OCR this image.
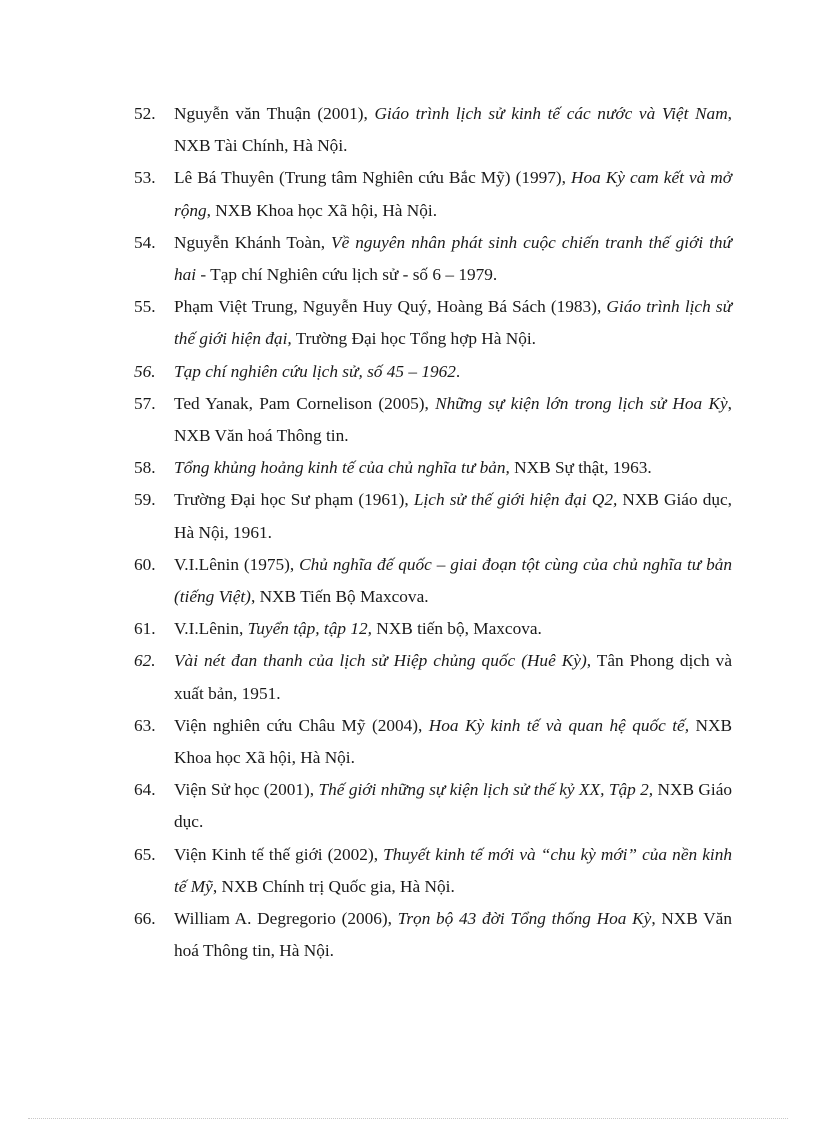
52. Nguyễn văn Thuận (2001), Giáo trình lịch sử kinh tế các nước và Việt Nam, NXB Tài Chính, Hà Nội.
53. Lê Bá Thuyên (Trung tâm Nghiên cứu Bắc Mỹ) (1997), Hoa Kỳ cam kết và mở rộng, NXB Khoa học Xã hội, Hà Nội.
54. Nguyễn Khánh Toàn, Về nguyên nhân phát sinh cuộc chiến tranh thế giới thứ hai - Tạp chí Nghiên cứu lịch sử - số 6 – 1979.
55. Phạm Việt Trung, Nguyễn Huy Quý, Hoàng Bá Sách (1983), Giáo trình lịch sử thế giới hiện đại, Trường Đại học Tổng hợp Hà Nội.
56. Tạp chí nghiên cứu lịch sử, số 45 – 1962.
57. Ted Yanak, Pam Cornelison (2005), Những sự kiện lớn trong lịch sử Hoa Kỳ, NXB Văn hoá Thông tin.
58. Tổng khủng hoảng kinh tế của chủ nghĩa tư bản, NXB Sự thật, 1963.
59. Trường Đại học Sư phạm (1961), Lịch sử thế giới hiện đại Q2, NXB Giáo dục, Hà Nội, 1961.
60. V.I.Lênin (1975), Chủ nghĩa đế quốc – giai đoạn tột cùng của chủ nghĩa tư bản (tiếng Việt), NXB Tiến Bộ Maxcova.
61. V.I.Lênin, Tuyển tập, tập 12, NXB tiến bộ, Maxcova.
62. Vài nét đan thanh của lịch sử Hiệp chủng quốc (Huê Kỳ), Tân Phong dịch và xuất bản, 1951.
63. Viện nghiên cứu Châu Mỹ (2004), Hoa Kỳ kinh tế và quan hệ quốc tế, NXB Khoa học Xã hội, Hà Nội.
64. Viện Sử học (2001), Thế giới những sự kiện lịch sử thế kỷ XX, Tập 2, NXB Giáo dục.
65. Viện Kinh tế thế giới (2002), Thuyết kinh tế mới và “chu kỳ mới” của nền kinh tế Mỹ, NXB Chính trị Quốc gia, Hà Nội.
66. William A. Degregorio (2006), Trọn bộ 43 đời Tổng thống Hoa Kỳ, NXB Văn hoá Thông tin, Hà Nội.
